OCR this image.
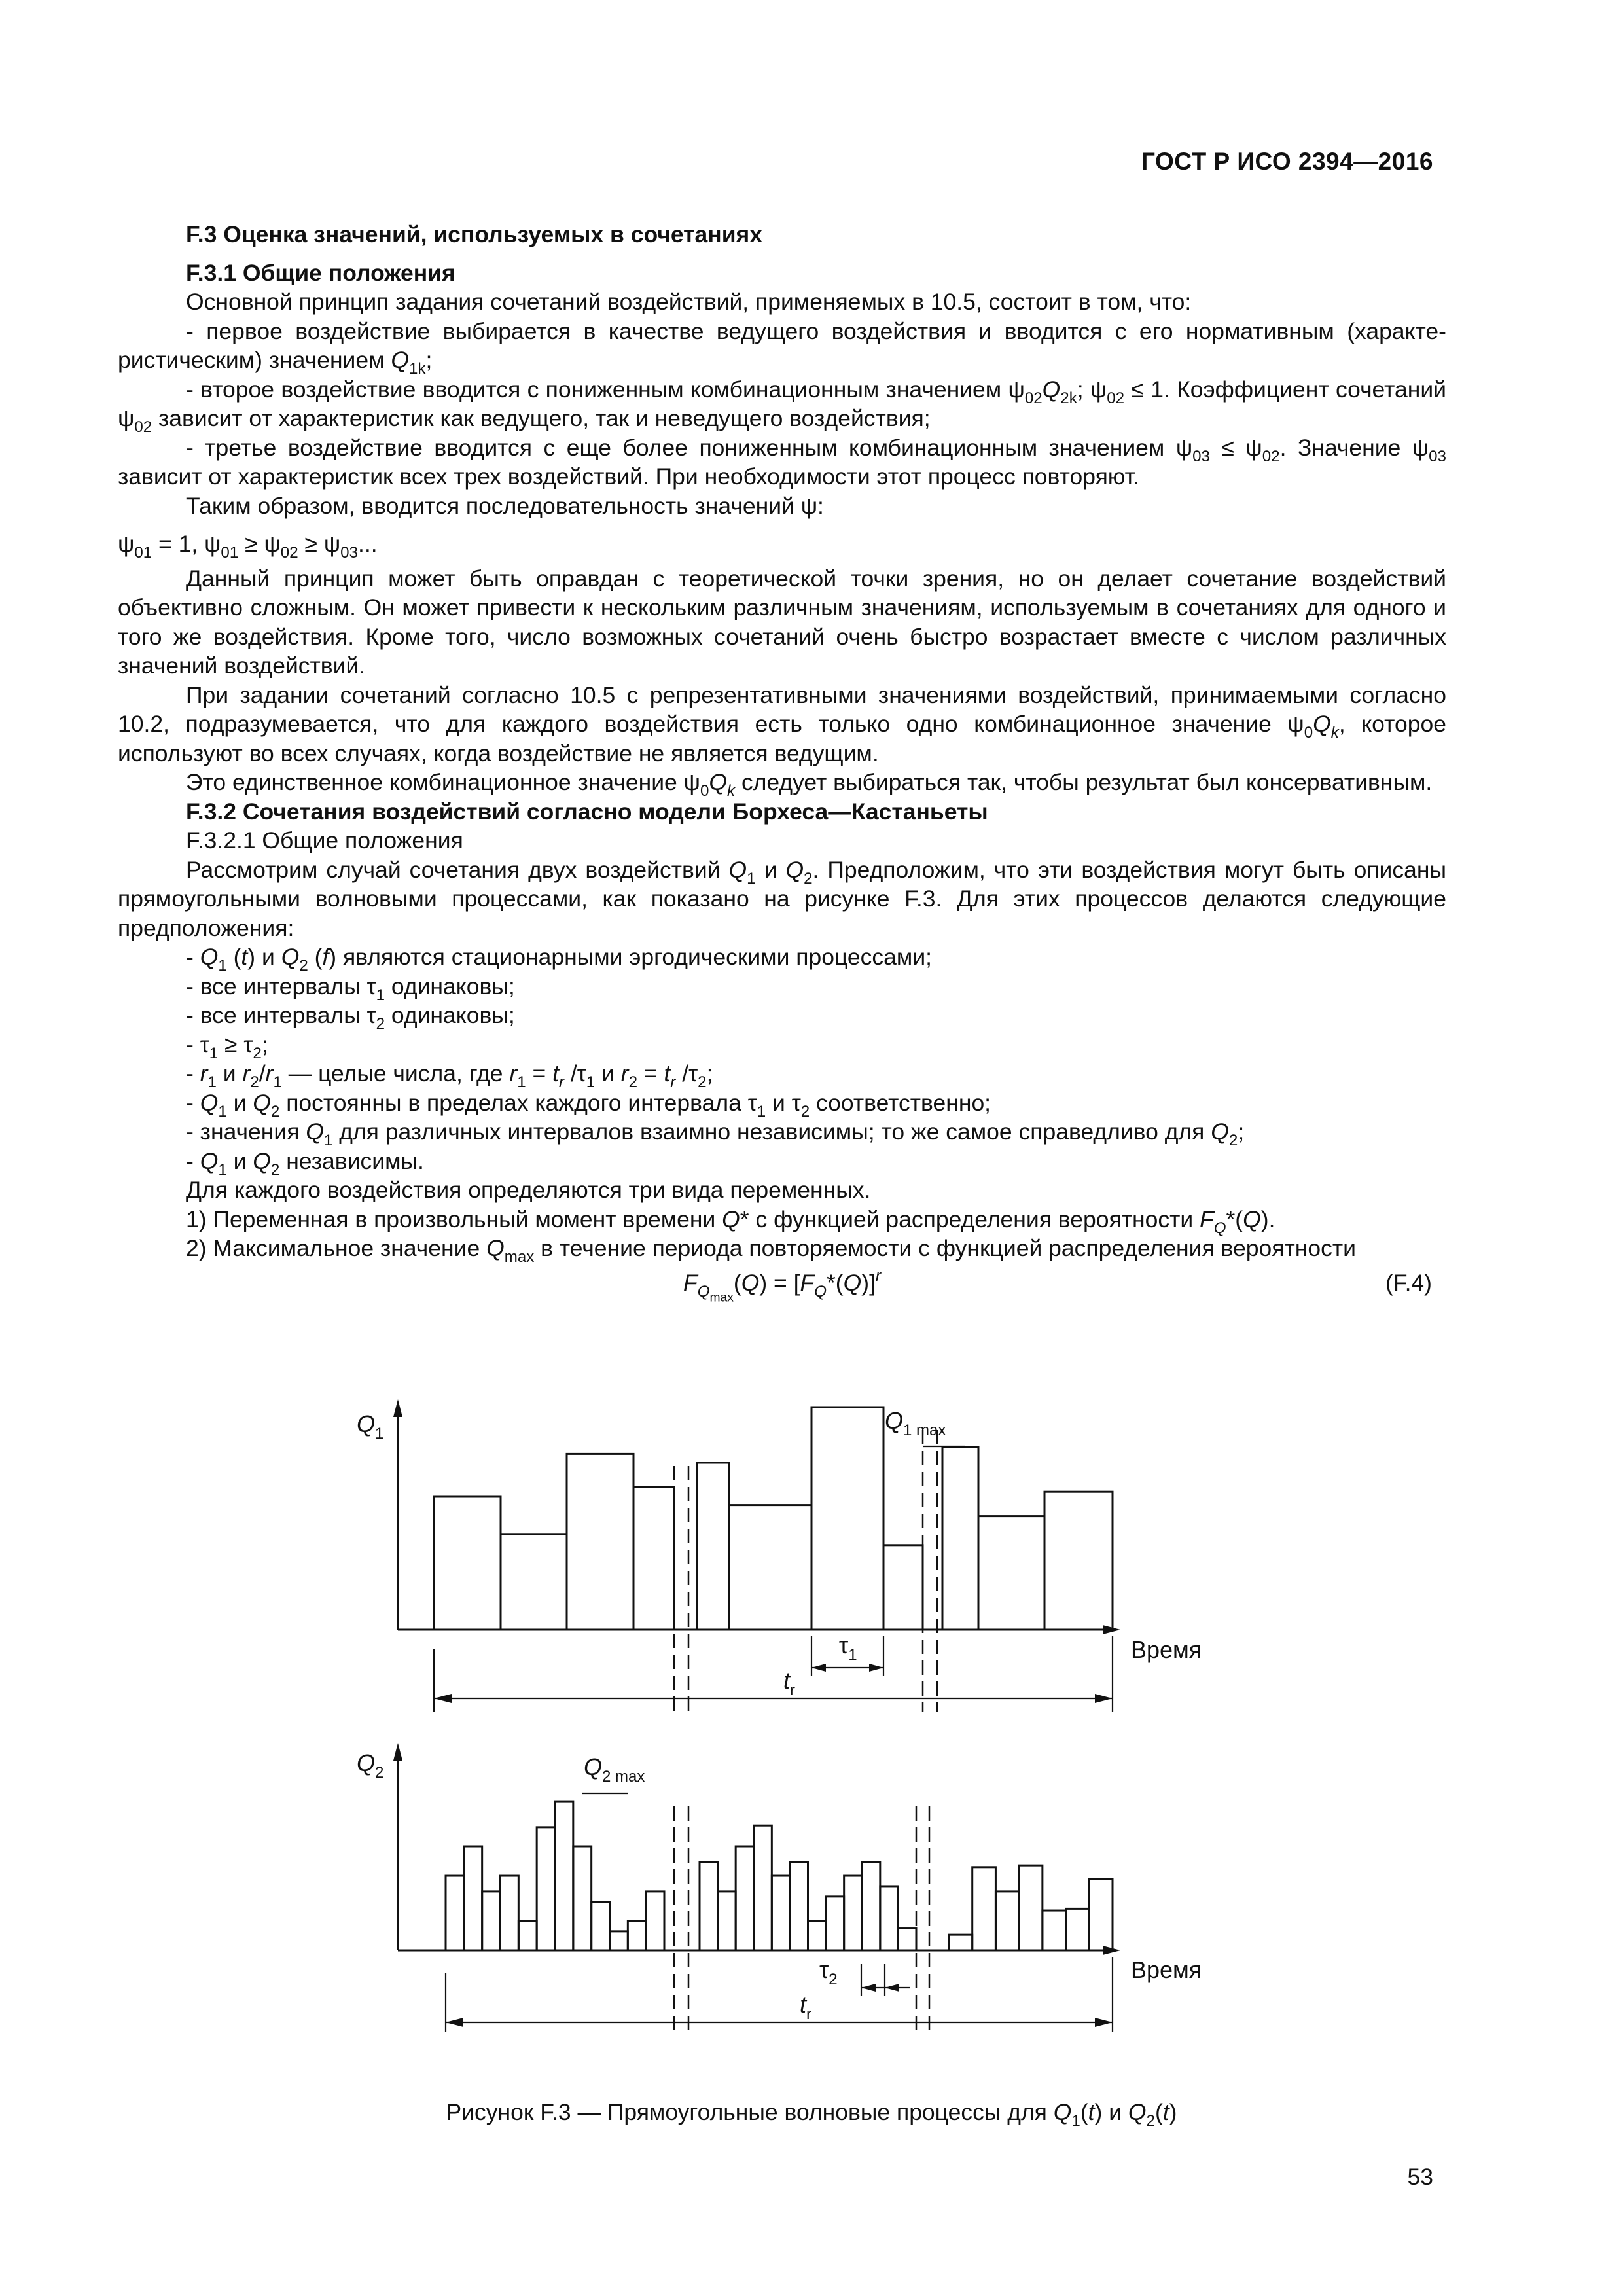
ГОСТ Р ИСО 2394—2016

F.3 Оценка значений, используемых в сочетаниях

F.3.1 Общие положения

Основной принцип задания сочетаний воздействий, применяемых в 10.5, состоит в том, что:

- первое воздействие выбирается в качестве ведущего воздействия и вводится с его нормативным (характеристическим) значением $Q_{1k}$;

- второе воздействие вводится с пониженным комбинационным значением $\psi_{02}Q_{2k}$; $\psi_{02} \le 1$. Коэффициент сочетаний $\psi_{02}$ зависит от характеристик как ведущего, так и неведущего воздействия;

- третье воздействие вводится с еще более пониженным комбинационным значением $\psi_{03} \le \psi_{02}$. Значение $\psi_{03}$ зависит от характеристик всех трех воздействий. При необходимости этот процесс повторяют.

Таким образом, вводится последовательность значений ψ:

$\psi_{01} = 1$, $\psi_{01} \ge \psi_{02} \ge \psi_{03}$...

Данный принцип может быть оправдан с теоретической точки зрения, но он делает сочетание воздействий объективно сложным. Он может привести к нескольким различным значениям, используемым в сочетаниях для одного и того же воздействия. Кроме того, число возможных сочетаний очень быстро возрастает вместе с числом различных значений воздействий.

При задании сочетаний согласно 10.5 с репрезентативными значениями воздействий, принимаемыми согласно 10.2, подразумевается, что для каждого воздействия есть только одно комбинационное значение $\psi_0Q_k$, которое используют во всех случаях, когда воздействие не является ведущим.

Это единственное комбинационное значение $\psi_0Q_k$ следует выбираться так, чтобы результат был консервативным.

F.3.2 Сочетания воздействий согласно модели Борхеса—Кастаньеты

F.3.2.1 Общие положения

Рассмотрим случай сочетания двух воздействий $Q_1$ и $Q_2$. Предположим, что эти воздействия могут быть описаны прямоугольными волновыми процессами, как показано на рисунке F.3. Для этих процессов делаются следующие предположения:

- $Q_1$ (t) и $Q_2$ (f) являются стационарными эргодическими процессами;

- все интервалы $\tau_1$ одинаковы;

- все интервалы $\tau_2$ одинаковы;

- $\tau_1 \ge \tau_2$;

- $r_1$ и $r_2/r_1$ — целые числа, где $r_1 = t_r$ $/\tau_1$ и $r_2 = t_r$ $/\tau_2$;

- $Q_1$ и $Q_2$ постоянны в пределах каждого интервала $\tau_1$ и $\tau_2$ соответственно;

- значения $Q_1$ для различных интервалов взаимно независимы; то же самое справедливо для $Q_2$;

- $Q_1$ и $Q_2$ независимы.

Для каждого воздействия определяются три вида переменных.

1) Переменная в произвольный момент времени Q* с функцией распределения вероятности $F_Q*(Q)$.

2) Максимальное значение $Q_{max}$ в течение периода повторяемости с функцией распределения вероятности

$F_{Q_{max}}(Q) = [F_Q*(Q)]^r$	(F.4)

$Q_1$
$Q_2$
$Q_{1 max}$
$Q_{2 max}$
Время
Время
$\tau_1$
$\tau_2$
$t_r$
$t_r$
Рисунок F.3 — Прямоугольные волновые процессы для $Q_1(t)$ и $Q_2(t)$
53
